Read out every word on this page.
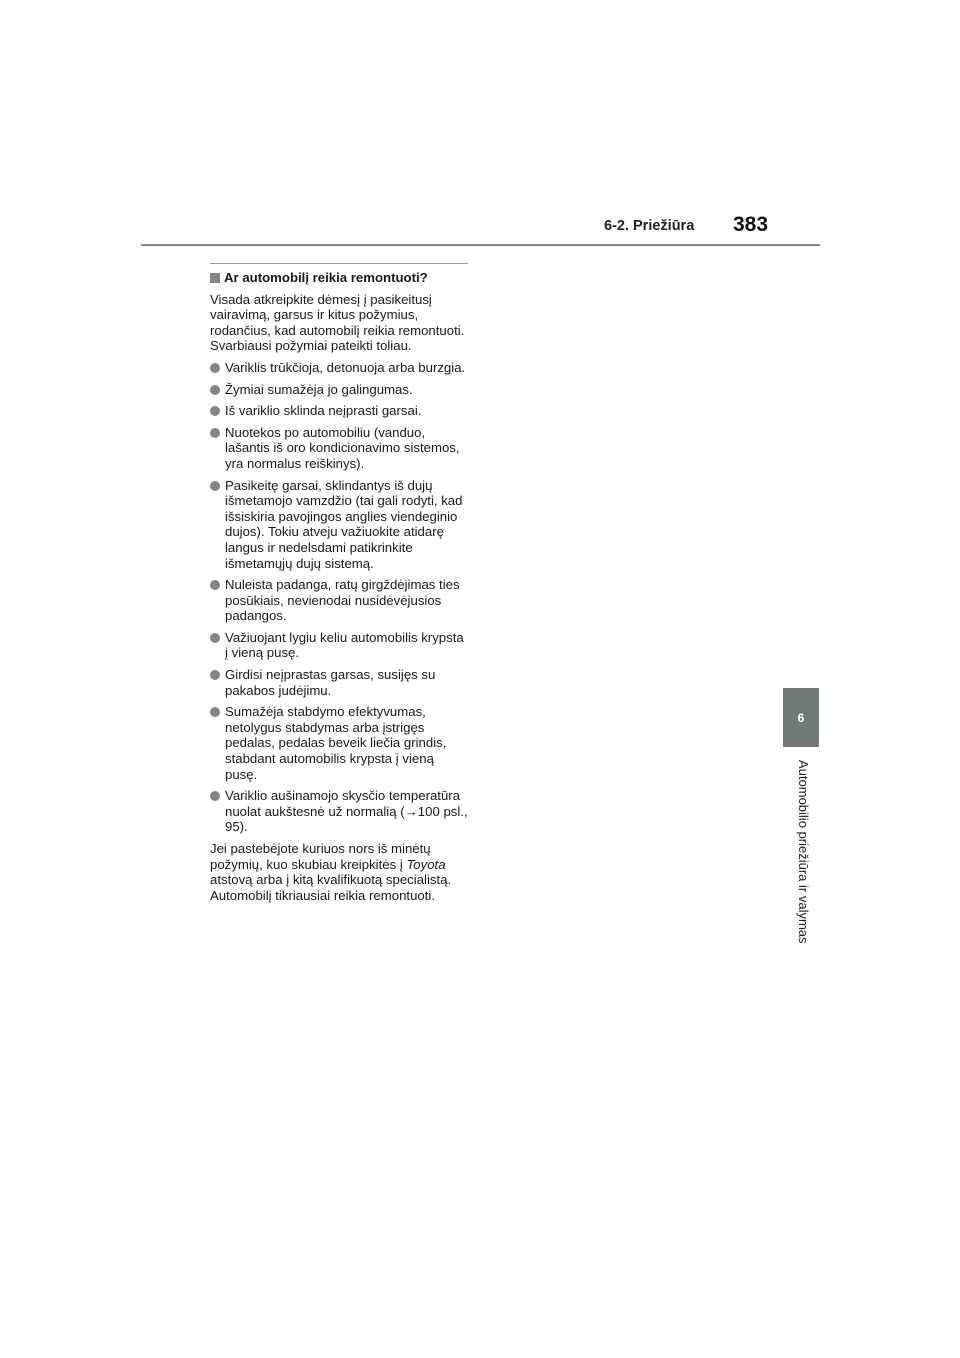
6-2. Priežiūra 383
6
Automobilio priežiūra ir valymas
Ar automobilį reikia remontuoti?

Visada atkreipkite dėmesį į pasikeitusį vairavimą, garsus ir kitus požymius, rodančius, kad automobilį reikia remontuoti. Svarbiausi požymiai pateikti toliau.

Variklis trūkčioja, detonuoja arba burzgia.
Žymiai sumažėja jo galingumas.
Iš variklio sklinda neįprasti garsai.
Nuotekos po automobiliu (vanduo, lašantis iš oro kondicionavimo sistemos, yra normalus reiškinys).
Pasikeitę garsai, sklindantys iš dujų išmetamojo vamzdžio (tai gali rodyti, kad išsiskiria pavojingos anglies viendeginio dujos). Tokiu atveju važiuokite atidarę langus ir nedelsdami patikrinkite išmetamųjų dujų sistemą.
Nuleista padanga, ratų girgždėjimas ties posūkiais, nevienodai nusidėvėjusios padangos.
Važiuojant lygiu keliu automobilis krypsta į vieną pusę.
Girdisi neįprastas garsas, susijęs su pakabos judėjimu.
Sumažėja stabdymo efektyvumas, netolygus stabdymas arba įstrigęs pedalas, pedalas beveik liečia grindis, stabdant automobilis krypsta į vieną pusę.
Variklio aušinamojo skysčio temperatūra nuolat aukštesnė už normalią (→100 psl., 95).

Jei pastebėjote kuriuos nors iš minėtų požymių, kuo skubiau kreipkitės į Toyota atstovą arba į kitą kvalifikuotą specialistą. Automobilį tikriausiai reikia remontuoti.
